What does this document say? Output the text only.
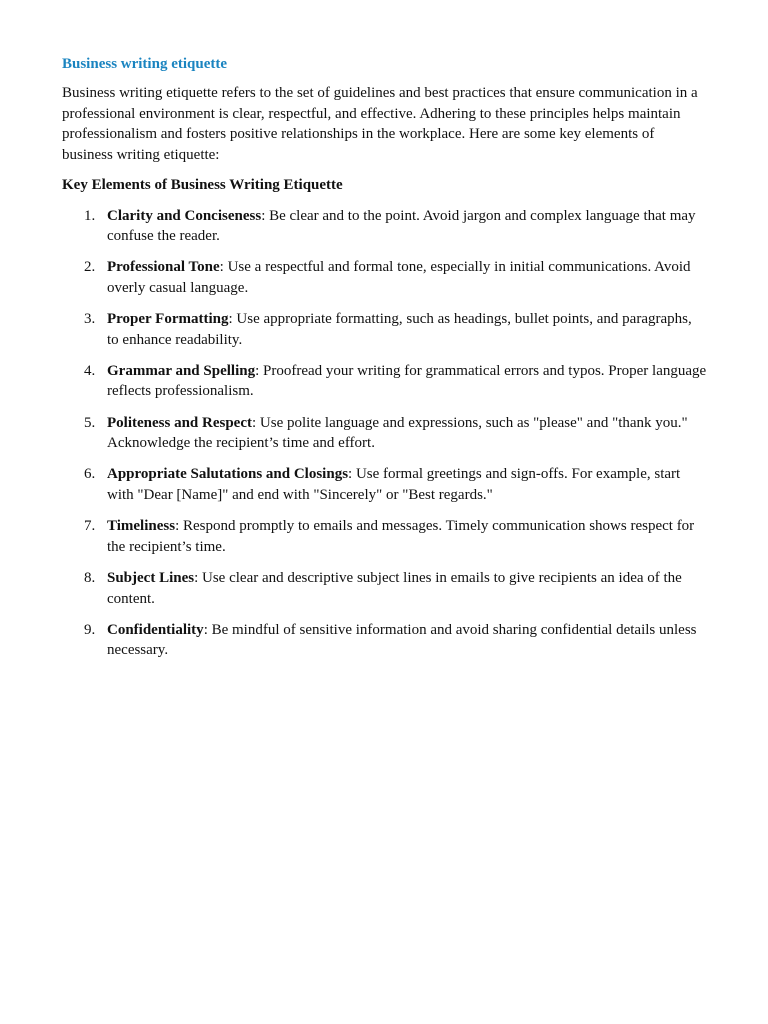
Business writing etiquette

Business writing etiquette refers to the set of guidelines and best practices that ensure communication in a professional environment is clear, respectful, and effective. Adhering to these principles helps maintain professionalism and fosters positive relationships in the workplace. Here are some key elements of business writing etiquette:

Key Elements of Business Writing Etiquette
1. Clarity and Conciseness: Be clear and to the point. Avoid jargon and complex language that may confuse the reader.
2. Professional Tone: Use a respectful and formal tone, especially in initial communications. Avoid overly casual language.
3. Proper Formatting: Use appropriate formatting, such as headings, bullet points, and paragraphs, to enhance readability.
4. Grammar and Spelling: Proofread your writing for grammatical errors and typos. Proper language reflects professionalism.
5. Politeness and Respect: Use polite language and expressions, such as "please" and "thank you." Acknowledge the recipient’s time and effort.
6. Appropriate Salutations and Closings: Use formal greetings and sign-offs. For example, start with "Dear [Name]" and end with "Sincerely" or "Best regards."
7. Timeliness: Respond promptly to emails and messages. Timely communication shows respect for the recipient’s time.
8. Subject Lines: Use clear and descriptive subject lines in emails to give recipients an idea of the content.
9. Confidentiality: Be mindful of sensitive information and avoid sharing confidential details unless necessary.
